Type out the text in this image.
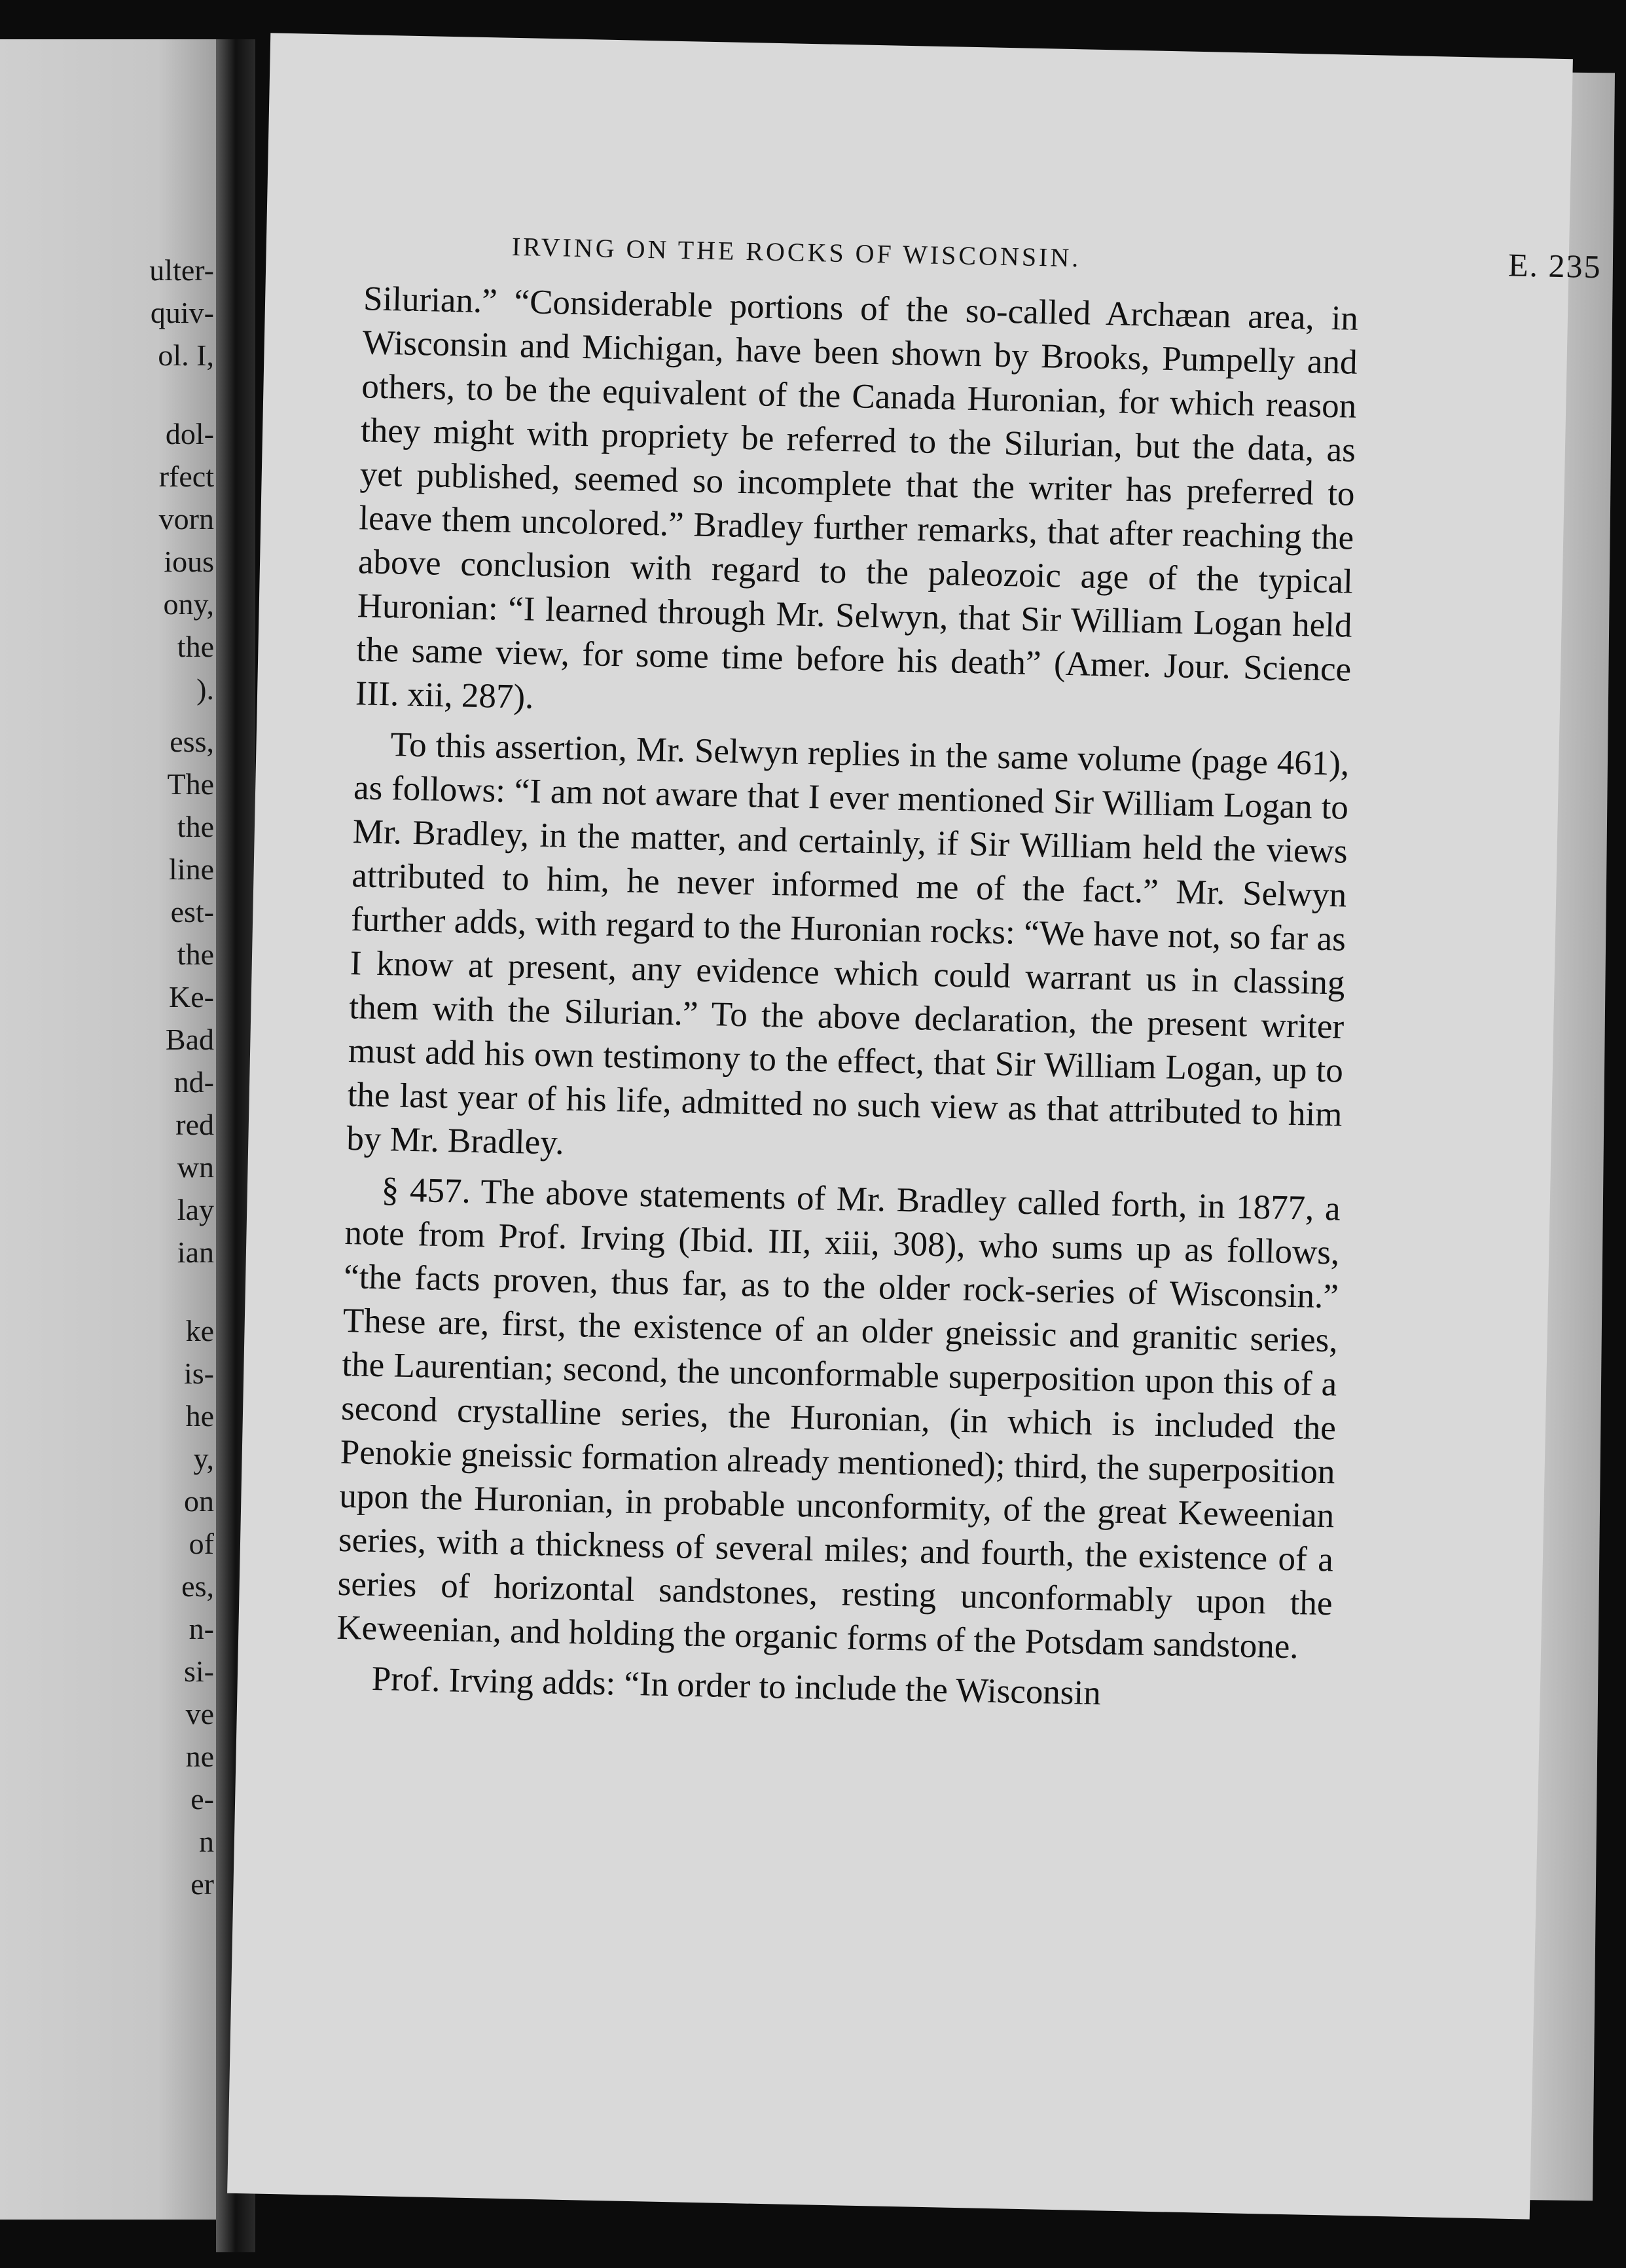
ulter-
quiv-
ol. I,
dol-
rfect
vorn
ious
ony,
the
).
ess,
The
the
line
est-
the
Ke-
Bad
nd-
red
wn
lay
ian
ke
is-
he
y,
on
of
es,
n-
si-
ve
ne
e-
n
er
IRVING ON THE ROCKS OF WISCONSIN.	E. 235

Silurian.” “Considerable portions of the so-called Archæan area, in Wisconsin and Michigan, have been shown by Brooks, Pumpelly and others, to be the equivalent of the Canada Huronian, for which reason they might with propriety be referred to the Silurian, but the data, as yet published, seemed so incomplete that the writer has preferred to leave them uncolored.” Bradley further remarks, that after reaching the above conclusion with regard to the paleozoic age of the typical Huronian: “I learned through Mr. Selwyn, that Sir William Logan held the same view, for some time before his death” (Amer. Jour. Science III. xii, 287).

To this assertion, Mr. Selwyn replies in the same volume (page 461), as follows: “I am not aware that I ever mentioned Sir William Logan to Mr. Bradley, in the matter, and certainly, if Sir William held the views attributed to him, he never informed me of the fact.” Mr. Selwyn further adds, with regard to the Huronian rocks: “We have not, so far as I know at present, any evidence which could warrant us in classing them with the Silurian.” To the above declaration, the present writer must add his own testimony to the effect, that Sir William Logan, up to the last year of his life, admitted no such view as that attributed to him by Mr. Bradley.

§ 457. The above statements of Mr. Bradley called forth, in 1877, a note from Prof. Irving (Ibid. III, xiii, 308), who sums up as follows, “the facts proven, thus far, as to the older rock-series of Wisconsin.” These are, first, the existence of an older gneissic and granitic series, the Laurentian; second, the unconformable superposition upon this of a second crystalline series, the Huronian, (in which is included the Penokie gneissic formation already mentioned); third, the superposition upon the Huronian, in probable unconformity, of the great Keweenian series, with a thickness of several miles; and fourth, the existence of a series of horizontal sandstones, resting unconformably upon the Keweenian, and holding the organic forms of the Potsdam sandstone.

Prof. Irving adds: “In order to include the Wisconsin
